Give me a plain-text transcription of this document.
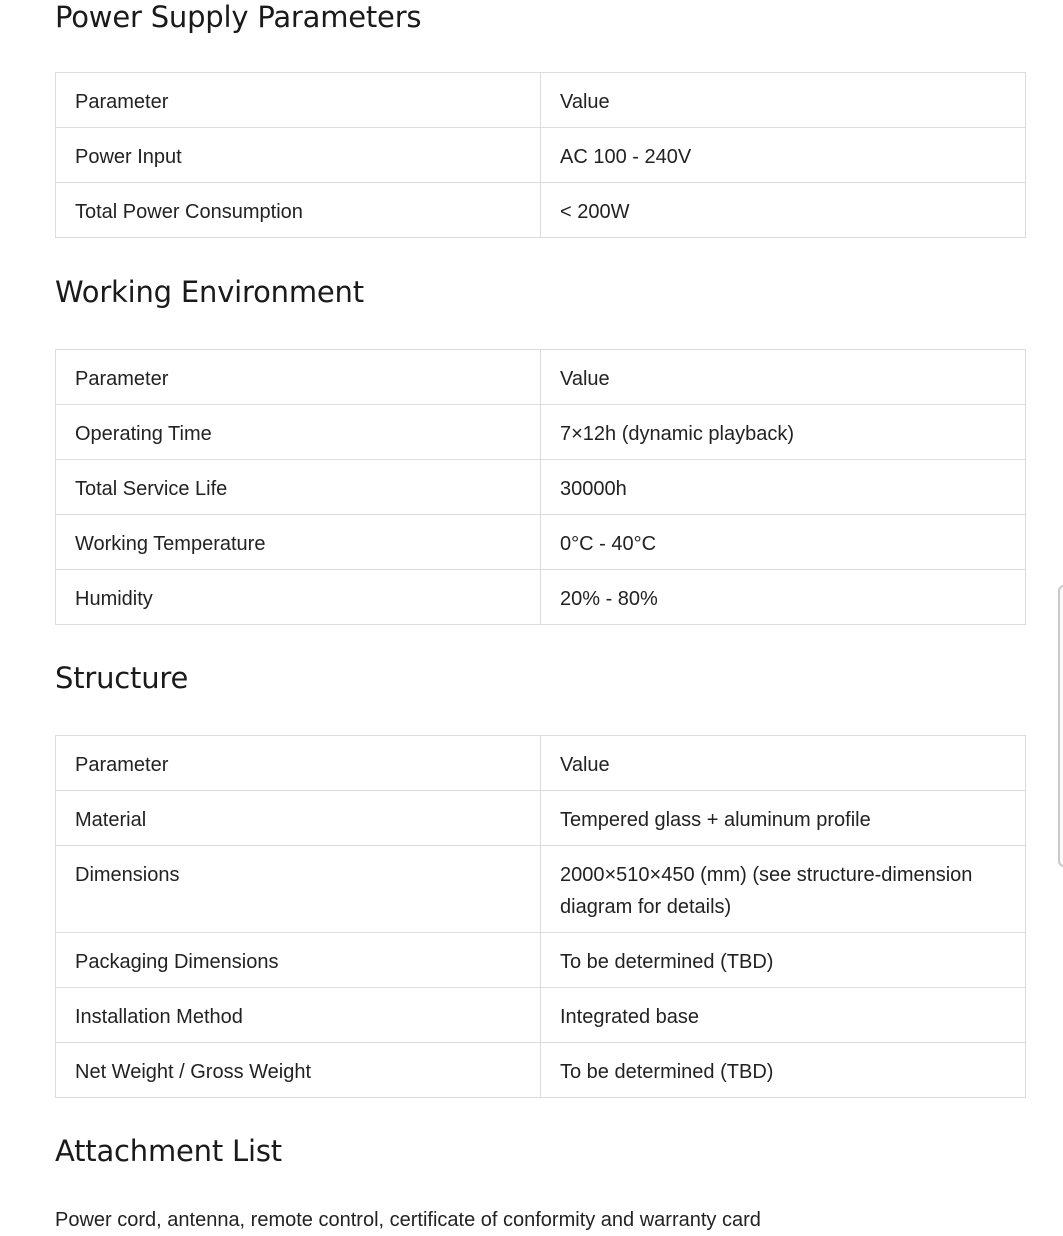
Power Supply Parameters
Parameter	Value

Power Input	AC 100 - 240V

Total Power Consumption	< 200W
Working Environment
Parameter	Value

Operating Time	7×12h (dynamic playback)

Total Service Life	30000h

Working Temperature	0°C - 40°C

Humidity	20% - 80%
Structure
Parameter	Value

Material	Tempered glass + aluminum profile

Dimensions	2000×510×450 (mm) (see structure-dimension diagram for details)

Packaging Dimensions	To be determined (TBD)

Installation Method	Integrated base

Net Weight / Gross Weight	To be determined (TBD)
Attachment List

Power cord, antenna, remote control, certificate of conformity and warranty card
